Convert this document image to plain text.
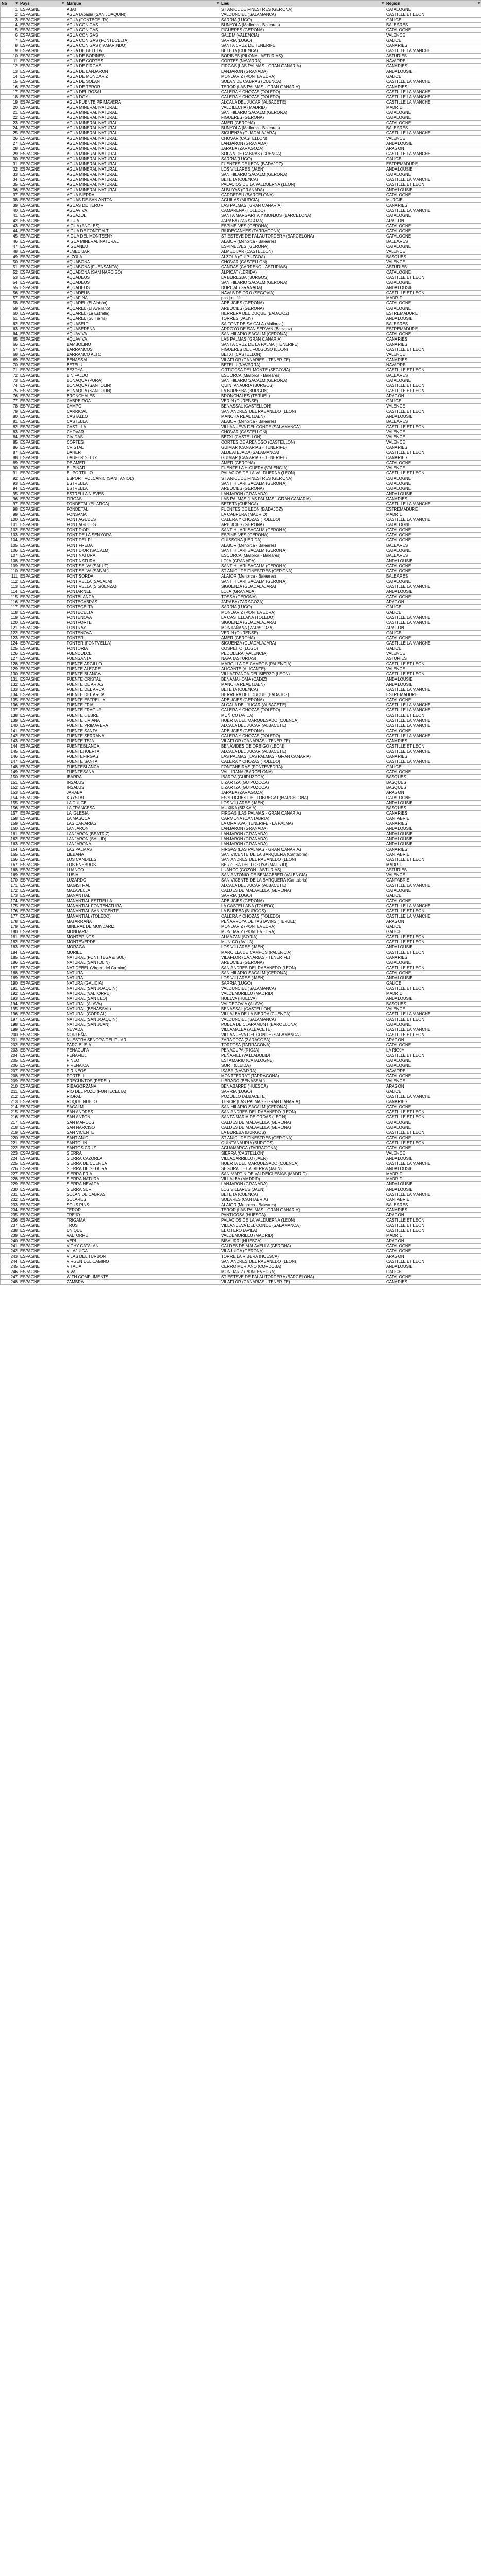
Nb ▾	Pays ▾	Marque ▾	Lieu ▾	Région ▾

1	ESPAGNE	ABAT	ST ANIOL DE FINESTRES (GERONA)	CATALOGNE
2	ESPAGNE	AGUA (Abadia (SAN JOAQUIN))	VALDUNCIEL (SALAMANCA)	CASTILLE ET LEON
3	ESPAGNE	AGUA (FONTECELTA)	SARRIA (LUGO)	GALICE
4	ESPAGNE	AGUA CON GAS	BUNYOLA (Mallorca - Baleares)	BALEARES
5	ESPAGNE	AGUA CON GAS	FIGUERES (GERONA)	CATALOGNE
6	ESPAGNE	AGUA CON GAS	SALEM (VALENCIA)	VALENCE
7	ESPAGNE	AGUA CON GAS (FONTECELTA)	SARRIA (LUGO)	GALICE
8	ESPAGNE	AGUA CON GAS (TAMARINDO)	SANTA CRUZ DE TENERIFE	CANARIES
9	ESPAGNE	AGUA DE BETETA	BETETA (CUENCA)	CASTILLE LA MANCHE
10	ESPAGNE	AGUA DE BORINES	BORINES (PILOÑA - ASTURIAS)	ASTURIES
11	ESPAGNE	AGUA DE CORTES	CORTES (NAVARRA)	NAVARRE
12	ESPAGNE	AGUA DE FIRGAS	FIRGAS (LAS PALMAS - GRAN CANARIA)	CANARIES
13	ESPAGNE	AGUA DE LANJARON	LANJARON (GRANADA)	ANDALOUSIE
14	ESPAGNE	AGUA DE MONDARIZ	MONDARIZ (PONTEVEDRA)	GALICE
15	ESPAGNE	AGUA DE SOLAN	SOLAN DE CABRAS (CUENCA)	CASTILLE LA MANCHE
16	ESPAGNE	AGUA DE TEROR	TEROR (LAS PALMAS - GRAN CANARIA)	CANARIES
17	ESPAGNE	AGUA DEL ROSAL	CALERA Y CHOZAS (TOLEDO)	CASTILLE LA MANCHE
18	ESPAGNE	AGUA DOY	CALERA Y CHOZAS (TOLEDO)	CASTILLE LA MANCHE
19	ESPAGNE	AGUA FUENTE PRIMAVERA	ALCALA DEL JUCAR (ALBACETE)	CASTILLE LA MANCHE
20	ESPAGNE	AGUA MINERAL NATURAL	VALDILECHA (MADRID)	MADRID
21	ESPAGNE	AGUA MINERAL NATURAL	SAN HILARIO SACALM (GERONA)	CATALOGNE
22	ESPAGNE	AGUA MINERAL NATURAL	FIGUERES (GERONA)	CATALOGNE
23	ESPAGNE	AGUA MINERAL NATURAL	AMER (GERONA)	CATALOGNE
24	ESPAGNE	AGUA MINERAL NATURAL	BUNYOLA (Mallorca - Baleares)	BALEARES
25	ESPAGNE	AGUA MINERAL NATURAL	SIGÜENZA (GUADALAJARA)	CASTILLE LA MANCHE
26	ESPAGNE	AGUA MINERAL NATURAL	CHOVAR (CASTELLON)	VALENCE
27	ESPAGNE	AGUA MINERAL NATURAL	LANJARON (GRANADA)	ANDALOUSIE
28	ESPAGNE	AGUA MINERAL NATURAL	JARABA (ZARAGOZA)	ARAGON
29	ESPAGNE	AGUA MINERAL NATURAL	SOLAN DE CABRAS (CUENCA)	CASTILLE LA MANCHE
30	ESPAGNE	AGUA MINERAL NATURAL	SARRIA (LUGO)	GALICE
31	ESPAGNE	AGUA MINERAL NATURAL	FUENTES DE LEON (BADAJOZ)	ESTREMADURE
32	ESPAGNE	AGUA MINERAL NATURAL	LOS VILLARES (JAEN)	ANDALOUSIE
33	ESPAGNE	AGUA MINERAL NATURAL	SAN HILARIO SACALM (GERONA)	CATALOGNE
34	ESPAGNE	AGUA MINERAL NATURAL	BETETA (CUENCA)	CASTILLE LA MANCHE
35	ESPAGNE	AGUA MINERAL NATURAL	PALACIOS DE LA VALDUERNA (LEON)	CASTILLE ET LEON
36	ESPAGNE	AGUA MINERAL NATURAL	ALBUYAS (GRANADA)	ANDALOUSIE
37	ESPAGNE	AGUA SIERRA	CARDEDEU (BARCELONA)	CATALOGNE
38	ESPAGNE	AGUAS DE SAN ANTON	AGUILAS (MURCIA)	MURCIE
39	ESPAGNE	AGUAS DE TEROR	LAS PALMAS (GRAN CANARIA)	CANARIES
40	ESPAGNE	AGUAVIVA	CAMARENA (TOLEDO)	CASTILLE LA MANCHE
41	ESPAGNE	AGUAZUL	SANTA MARGARITA Y MONJOS (BARCELONA)	CATALOGNE
42	ESPAGNE	AIGUA	JARABA (ZARAGOZA)	ARAGON
43	ESPAGNE	AIGUA (ANGLES)	ESPINELVES (GERONA)	CATALOGNE
44	ESPAGNE	AIGUA DE FONTDALT	RIUDECANYES (TARRAGONA)	CATALOGNE
45	ESPAGNE	AIGUA DEL MONTSENY	ST ESTEVE DE PALAUTORDERA (BARCELONA)	CATALOGNE
46	ESPAGNE	AIGUA MINERAL NATURAL	ALAIOR (Menorca - Baleares)	BALEARES
47	ESPAGNE	AIGUANEU	ESPINELVES (GERONA)	CATALOGNE
48	ESPAGNE	ALMEDIJAR	ALMEDIJAR (CASTELLON)	VALENCE
49	ESPAGNE	ALZOLA	ALZOLA (GUIPUZCOA)	BASQUES
50	ESPAGNE	AQUABONA	CHOVAR (CASTELLON)	VALENCE
51	ESPAGNE	AQUABONA (FUENSANTA)	CANDAS (CARREÑO - ASTURIAS)	ASTURIES
52	ESPAGNE	AQUABONA (SAN NARCISO)	ALPICAT (LERIDA)	CATALOGNE
53	ESPAGNE	AQUADEUS	LA BURESBA (BURGOS)	CASTILLE ET LEON
54	ESPAGNE	AQUADEUS	SAN HILARIO SACALM (GERONA)	CATALOGNE
55	ESPAGNE	AQUADEUS	DURCAL (GRANADA)	ANDALOUSIE
56	ESPAGNE	AQUADEUS	NAVAS DE ORO (SEGOVIA)	CASTILLE ET LEON
57	ESPAGNE	AQUAFINA	pas justifié	MADRID
58	ESPAGNE	AQUAREL (El Alabón)	ARBUCIES (GERONA)	CATALOGNE
59	ESPAGNE	AQUAREL (El Avellano)	ARBUCIES (GERONA)	CATALOGNE
60	ESPAGNE	AQUAREL (La Estrella)	HERRERA DEL DUQUE (BADAJOZ)	ESTREMADURE
61	ESPAGNE	AQUAREL (Su Tierra)	TORRES (JAEN)	ANDALOUSIE
62	ESPAGNE	AQUASELT	SA FONT DE SA CALA (Mallorca)	BALEARES
63	ESPAGNE	AQUASERENA	ARROYO DE SAN SERVAN (Badajoz)	ESTREMADURE
64	ESPAGNE	AQUAVIVA	SAN HILARIO SACALM (GERONA)	CATALOGNE
65	ESPAGNE	AQUAVIVA	LAS PALMAS (GRAN CANARIA)	CANARIES
66	ESPAGNE	BAMBOLINO	SANTA CRUZ DE LA PALMA (TENERIFE)	CANARIES
67	ESPAGNE	BARRANCOS	FIGUERES DEL FOLGOSO (LEON)	CASTILLE ET LEON
68	ESPAGNE	BARRANCO ALTO	BETXI (CASTELLON)	VALENCE
69	ESPAGNE	BENASSAL	VILAFLOR (CANARIES - TENERIFE)	CANARIES
70	ESPAGNE	BETELU	BETELU (NAVARRA)	NAVARRE
71	ESPAGNE	BEZOYA	ORTIGOSA DEL MONTE (SEGOVIA)	CASTILLE ET LEON
72	ESPAGNE	BINIFALDO	ESCORCA (Mallorca - Baleares)	BALEARES
73	ESPAGNE	BONAQUA (PURA)	SAN HILARIO SACALM (GERONA)	CATALOGNE
74	ESPAGNE	BONAQUA (SANTOLIN)	QUINTANAURIA (BURGOS)	CASTILLE ET LEON
75	ESPAGNE	BONAQUA (SANTOLIN)	LA BURESBA (BURGOS)	CASTILLE ET LEON
76	ESPAGNE	BRONCHALES	BRONCHALES (TERUEL)	ARAGON
77	ESPAGNE	CABREIROA	VERIN (OURENSE)	GALICE
78	ESPAGNE	CAMPO	BENASSAL (CASTELLON)	VALENCE
79	ESPAGNE	CARRICAL	SAN ANDRES DEL RABANEDO (LEON)	CASTILLE ET LEON
80	ESPAGNE	CASTALLO	MANCHA REAL (JAEN)	ANDALOUSIE
81	ESPAGNE	CASTELLA	ALAIOR (Menorca - Baleares)	BALEARES
82	ESPAGNE	CASTILLA	VILLANUEVA DEL CONDE (SALAMANCA)	CASTILLE ET LEON
83	ESPAGNE	CHOVAR	CHOVAR (CASTELLON)	VALENCE
84	ESPAGNE	CIVIDAS	BETXI (CASTELLON)	VALENCE
85	ESPAGNE	CORTES	CORTES DE ARENOSO (CASTELLON)	VALENCE
86	ESPAGNE	CRISTAL	GUIMAR (CANARIAS - TENERIFE)	CANARIES
87	ESPAGNE	DAHER	ALDEATEJADA (SALAMANCA)	CASTILLE ET LEON
88	ESPAGNE	DAUFER SELTZ	GUIMAR (CANARIAS - TENERIFE)	CANARIES
89	ESPAGNE	DE AMER	AMER (GERONA)	CATALOGNE
90	ESPAGNE	EL PINAR	FUENTE LA HIGUERA (VALENCIA)	VALENCE
91	ESPAGNE	EL PORTILLO	PALACIOS DE LA VALDUERNA (LEON)	CASTILLE ET LEON
92	ESPAGNE	ESPORT VOLCANIC (SANT ANIOL)	ST ANIOL DE FINESTRES (GERONA)	CATALOGNE
93	ESPAGNE	ESTRELLA	SANT HILARI SACALM (GERONA)	CATALOGNE
94	ESPAGNE	ESTRELLA	ARBUCIES (GERONA)	CATALOGNE
95	ESPAGNE	ESTRELLA NIEVES	LANJARON (GRANADA)	ANDALOUSIE
96	ESPAGNE	FIRGAS	LAS PALMAS (LAS PALMAS - GRAN CANARIA)	CANARIES
97	ESPAGNE	FONDETAL (EL ARCA)	BETETA (CUENCA)	CASTILLE LA MANCHE
98	ESPAGNE	FONDETAL	FUENTES DE LEON (BADAJOZ)	ESTREMADURE
99	ESPAGNE	FONSANA	LA CABRERA (MADRID)	MADRID
100	ESPAGNE	FONT AGUDES	CALERA Y CHOZAS (TOLEDO)	CASTILLE LA MANCHE
101	ESPAGNE	FONT AGUDES	ARBUCIES (GERONA)	CATALOGNE
102	ESPAGNE	FONT D'OR	SANT HILARI SACALM (GERONA)	CATALOGNE
103	ESPAGNE	FONT DE LA SENYORA	ESPINELVES (GERONA)	CATALOGNE
104	ESPAGNE	FONT DEL PI	GUISSONA (LERIDA)	CATALOGNE
105	ESPAGNE	FONT FREDA	ALAIOR (Menorca - Baleares)	BALEARES
106	ESPAGNE	FONT D'OR (SACALM)	SANT HILARI SACALM (GERONA)	CATALOGNE
107	ESPAGNE	FONT NATURA	ESCORCA (Mallorca - Baleares)	BALEARES
108	ESPAGNE	FONT NATURA	LOJA (GRANADA)	ANDALOUSIE
109	ESPAGNE	FONT SELVA (SALUT)	SANT HILARI SACALM (GERONA)	CATALOGNE
110	ESPAGNE	FONT SELVA (SANAL)	ST ANIOL DE FINESTRES (GERONA)	CATALOGNE
111	ESPAGNE	FONT SORDA	ALAIOR (Menorca - Baleares)	BALEARES
112	ESPAGNE	FONT VELLA (SACALM)	SANT HILARI SACALM (GERONA)	CATALOGNE
113	ESPAGNE	FONT VELLA (SIGÜENZA)	SIGÜENZA (GUADALAJARA)	CASTILLE LA MANCHE
114	ESPAGNE	FONTARNEL	LOJA (GRANADA)	ANDALOUSIE
115	ESPAGNE	FONTBLANCA	TOSSA (GERONA)	CATALOGNE
116	ESPAGNE	FONTECABRAS	JARABA (ZARAGOZA)	ARAGON
117	ESPAGNE	FONTECELTA	SARRIA (LUGO)	GALICE
118	ESPAGNE	FONTECELTA	MONDARIZ (PONTEVEDRA)	GALICE
119	ESPAGNE	FONTENOVA	LA CASTELLANA (TOLEDO)	CASTILLE LA MANCHE
120	ESPAGNE	FONTFORTE	SIGÜENZA (GUADALAJARA)	CASTILLE LA MANCHE
121	ESPAGNE	FONTRAY	MONTAÑANA (ZARAGOZA)	ARAGON
122	ESPAGNE	FONTENOVA	VERIN (OURENSE)	GALICE
123	ESPAGNE	FONTER	AMER (GERONA)	CATALOGNE
124	ESPAGNE	FONTER (FONTVELLA)	SIGÜENZA (GUADALAJARA)	CASTILLE LA MANCHE
125	ESPAGNE	FONTORIA	COSPEITO (LUGO)	GALICE
126	ESPAGNE	FUENDULCE	PEDOLERA (VALENCIA)	VALENCE
127	ESPAGNE	FUENSANTA	NAVA (ASTURIAS)	ASTURIES
128	ESPAGNE	FUENTE ARGILLO	MARCILLA DE CAMPOS (PALENCIA)	CASTILLE ET LEON
129	ESPAGNE	FUENTE ALEGRE	ALICANTE (ALICANTE)	VALENCE
130	ESPAGNE	FUENTE BLANCA	VILLAFRANCA DEL BIERZO (LEON)	CASTILLE ET LEON
131	ESPAGNE	FUENTE CRISTAL	BENAMAHOMA (CADIZ)	ANDALOUSIE
132	ESPAGNE	FUENTE DE ARIAS	MANCHA REAL (JAEN)	ANDALOUSIE
133	ESPAGNE	FUENTE DEL ARCA	BETETA (CUENCA)	CASTILLE LA MANCHE
134	ESPAGNE	FUENTE DEL ARCA	HERRERA DEL DUQUE (BADAJOZ)	ESTREMADURE
135	ESPAGNE	FUENTE ESTRELLA	ARBUCIES (GERONA)	CATALOGNE
136	ESPAGNE	FUENTE FRIA	ALCALA DEL JUCAR (ALBACETE)	CASTILLE LA MANCHE
137	ESPAGNE	FUENTE FRAGUA	CALERA Y CHOZAS (TOLEDO)	CASTILLE LA MANCHE
138	ESPAGNE	FUENTE LIEBRE	MUÑICO (AVILA)	CASTILLE ET LEON
139	ESPAGNE	FUENTE LIVIANA	HUERTA DEL MARQUESADO (CUENCA)	CASTILLE LA MANCHE
140	ESPAGNE	FUENTE PRIMAVERA	ALCALA DEL JUCAR (ALBACETE)	CASTILLE LA MANCHE
141	ESPAGNE	FUENTE SANTA	ARBUCIES (GERONA)	CATALOGNE
142	ESPAGNE	FUENTE SERRANA	CALERA Y CHOZAS (TOLEDO)	CASTILLE LA MANCHE
143	ESPAGNE	FUENTE TEJA	VILAFLOR (CANARIAS - TENERIFE)	CANARIES
144	ESPAGNE	FUENTEBLANCA	BENAVIDES DE ORBIGO (LEON)	CASTILLE ET LEON
145	ESPAGNE	FUENTEHUERTA	ALCALA DEL JUCAR (ALBACETE)	CASTILLE LA MANCHE
146	ESPAGNE	FUENTEFIRGAS	LAS PALMAS (LAS PALMAS - GRAN CANARIA)	CANARIES
147	ESPAGNE	FUENTE SANTA	CALERA Y CHOZAS (TOLEDO)	CASTILLE LA MANCHE
148	ESPAGNE	FUENTEBLANCA	FONTANEIRAS (PONTEVEDRA)	GALICE
149	ESPAGNE	FUENTESANA	VALLIRANA (BARCELONA)	CATALOGNE
150	ESPAGNE	IBARRA	IBARRA (GUIPUZCOA)	BASQUES
151	ESPAGNE	INSALUS	LIZARTZA (GUIPUZCOA)	BASQUES
152	ESPAGNE	INSALUS	LIZARTZA (GUIPUZCOA)	BASQUES
153	ESPAGNE	JARABA	JARABA (ZARAGOZA)	ARAGON
154	ESPAGNE	KRYSTAL	ESPLUGUES DE LLOBREGAT (BARCELONA)	CATALOGNE
155	ESPAGNE	LA DULCE	LOS VILLARES (JAEN)	ANDALOUSIE
156	ESPAGNE	LA FRANCESA	MUXIKA (BIZKAIA)	BASQUES
157	ESPAGNE	LA IGLESIA	FIRGAS (LAS PALMAS - GRAN CANARIA)	CANARIES
158	ESPAGNE	LA MASUCA	CARMONA (CANTABRIA)	CANTABRIE
159	ESPAGNE	LAS CANARIAS	LA ORATAVA (TENERIFE - LA PALMA)	CANARIES
160	ESPAGNE	LANJARON	LANJARON (GRANADA)	ANDALOUSIE
161	ESPAGNE	LANJARON (BEATRIZ)	LANJARON (GRANADA)	ANDALOUSIE
162	ESPAGNE	LANJARON (SALUD)	LANJARON (GRANADA)	ANDALOUSIE
163	ESPAGNE	LANJARONA	LANJARON (GRANADA)	ANDALOUSIE
164	ESPAGNE	LAS PALMAS	FIRGAS (LAS PALMAS - GRAN CANARIA)	CANARIES
165	ESPAGNE	LIEBANA	SAN VICENTE DE LA BARQUERA (Cantabria)	CANTABRIE
166	ESPAGNE	LOS CANDILES	SAN ANDRES DEL RABANEDO (LEON)	CASTILLE ET LEON
167	ESPAGNE	LOS ENEBROS	BERZOSA DEL LOZOYA (MADRID)	MADRID
168	ESPAGNE	LUANCO	LUANCO (GOZON - ASTURIAS)	ASTURIES
169	ESPAGNE	LUSIA	SAN ANTONIO DE BENAGEBER (VALENCIA)	VALENCE
170	ESPAGNE	LUZARDO	SAN VICENTE DE LA BARQUERA (Cantabria)	CANTABRIE
171	ESPAGNE	MAGISTRAL	ALCALA DEL JUCAR (ALBACETE)	CASTILLE LA MANCHE
172	ESPAGNE	MALAVELLA	CALDES DE MALAVELLA (GERONA)	CATALOGNE
173	ESPAGNE	MANANTIAL	SARRIA (LUGO)	GALICE
174	ESPAGNE	MANANTIAL ESTRELLA	ARBUCIES (GERONA)	CATALOGNE
175	ESPAGNE	MANANTIAL FONTENATURA	LA CASTELLANA (TOLEDO)	CASTILLE LA MANCHE
176	ESPAGNE	MANANTIAL SAN VICENTE	LA BUREBA (BURGOS)	CASTILLE ET LEON
177	ESPAGNE	MANANTIAL (TOLEDO)	CALERA Y CHOZAS (TOLEDO)	CASTILLE LA MANCHE
178	ESPAGNE	MATARRAÑA	PEÑARROYA DE TASTAVINS (TERUEL)	ARAGON
179	ESPAGNE	MINERAL DE MONDARIZ	MONDARIZ (PONTEVEDRA)	GALICE
180	ESPAGNE	MONDARIZ	MONDARIZ (PONTEVEDRA)	GALICE
181	ESPAGNE	MONTEPINOS	ALMAZAN (SORIA)	CASTILLE ET LEON
182	ESPAGNE	MONTEVERDE	MUÑICO (AVILA)	CASTILLE ET LEON
183	ESPAGNE	MORAGA	LOS VILLARES (JAEN)	ANDALOUSIE
184	ESPAGNE	MURIEL	MARCILLA DE CAMPOS (PALENCIA)	CASTILLE ET LEON
185	ESPAGNE	NATURAL (FONT TEGA & SOL)	VILAFLOR (CANARIAS - TENERIFE)	CANARIES
186	ESPAGNE	NATURAL (SANTOLIN)	ARBUCIES (GERONA)	CATALOGNE
187	ESPAGNE	NAT DEBEL (Virgen del Camino)	SAN ANDRES DEL RABANEDO (LEON)	CASTILLE ET LEON
188	ESPAGNE	NATURA	SAN HILARIO SACALM (GERONA)	CATALOGNE
189	ESPAGNE	NATURA	LOS VILLARES (JAEN)	ANDALOUSIE
190	ESPAGNE	NATURA (GALICIA)	SARRIA (LUGO)	GALICE
191	ESPAGNE	NATURAL (SAN JOAQUIN)	VALDUNCIEL (SALAMANCA)	CASTILLE ET LEON
192	ESPAGNE	NATURAL (VALTORRE)	VALDEMORILLO (MADRID)	MADRID
193	ESPAGNE	NATURAL (SAN LEO)	HUELVA (HUELVA)	ANDALOUSIE
194	ESPAGNE	NATURAL (ALAVA)	VALDEGOVIA (ALAVA)	BASQUES
195	ESPAGNE	NATURAL (BENASSAL)	BENASSAL (CASTELLON)	VALENCE
196	ESPAGNE	NATURAL (CORRAL)	VILLALBA DE LA SIERRA (CUENCA)	CASTILLE LA MANCHE
197	ESPAGNE	NATURAL (SAN JOAQUIN)	VALDUNCIEL (SALAMANCA)	CASTILLE ET LEON
198	ESPAGNE	NATURAL (SAN JUAN)	POBLA DE CLARAMUNT (BARCELONA)	CATALOGNE
199	ESPAGNE	NEVADA	VILLAMALEA (ALBACETE)	CASTILLE LA MANCHE
200	ESPAGNE	NORTEÑA	VILLANUEVA DEL CONDE (SALAMANCA)	CASTILLE ET LEON
201	ESPAGNE	NUESTRA SEÑORA DEL PILAR	ZARAGOZA (ZARAGOZA)	ARAGON
202	ESPAGNE	PARC BUSIA	TORTOSA (TARRAGONA)	CATALOGNE
203	ESPAGNE	PENACUPA	PENACUPA (RIOJA)	LA RIOJA
204	ESPAGNE	PEÑAFIEL	PEÑAFIEL (VALLADOLID)	CASTILLE ET LEON
205	ESPAGNE	PINEO	ESTAMARIU (CATALOGNE)	CATALOGNE
206	ESPAGNE	PIRENAICA	SORT (LLEIDA)	CATALOGNE
207	ESPAGNE	PIRINEOS	ISABA (NAVARRA)	NAVARRE
208	ESPAGNE	PORTELL	MONTFERRAT (TARRAGONA)	CATALOGNE
209	ESPAGNE	PREGUNTOS (PEREL)	LIBRADO (BENASSAL)	VALENCE
210	ESPAGNE	RIBAGORZANA	BENABARRE (HUESCA)	ARAGON
211	ESPAGNE	RIO DEL POZO (FONTECELTA)	SARRIA (LUGO)	GALICE
212	ESPAGNE	RIOPAL	POZUELO (ALBACETE)	CASTILLE LA MANCHE
213	ESPAGNE	ROQUE NUBLO	TEROR (LAS PALMAS - GRAN CANARIA)	CANARIES
214	ESPAGNE	SACALM	SAN HILARIO SACALM (GERONA)	CATALOGNE
215	ESPAGNE	SAN ANDRES	SAN ANDRES DEL RABANEDO (LEON)	CASTILLE ET LEON
216	ESPAGNE	SAN ANTON	SANTA MARIA DE ORDAS (LEON)	CASTILLE ET LEON
217	ESPAGNE	SAN MARCOS	CALDES DE MALAVELLA (GERONA)	CATALOGNE
218	ESPAGNE	SAN NARCISO	CALDES DE MALAVELLA (GERONA)	CATALOGNE
219	ESPAGNE	SAN VICENTE	LA BUREBA (BURGOS)	CASTILLE ET LEON
220	ESPAGNE	SANT ANIOL	ST ANIOL DE FINESTRES (GERONA)	CATALOGNE
221	ESPAGNE	SANTOLIN	QUINTANAURIA (BURGOS)	CASTILLE ET LEON
222	ESPAGNE	SANTOS CRUZ	AGUAMARGA (TARRAGONA)	CATALOGNE
223	ESPAGNE	SIERRA	SIERRA (CASTELLON)	VALENCE
224	ESPAGNE	SIERRA CAZORLA	VILLACARRILLO (JAEN)	ANDALOUSIE
225	ESPAGNE	SIERRA DE CUENCA	HUERTA DEL MARQUESADO (CUENCA)	CASTILLE LA MANCHE
226	ESPAGNE	SIERRA DE SEGURA	SEGURA DE LA SIERRA (JAEN)	ANDALOUSIE
227	ESPAGNE	SIERRA FRIA	SAN MARTIN DE VALDEIGLESIAS (MADRID)	MADRID
228	ESPAGNE	SIERRA NATURA	VILLALBA (MADRID)	MADRID
229	ESPAGNE	SIERRA NEVADA	LANJARON (GRANADA)	ANDALOUSIE
230	ESPAGNE	SIERRA SUR	LOS VILLARES (JAEN)	ANDALOUSIE
231	ESPAGNE	SOLAN DE CABRAS	BETETA (CUENCA)	CASTILLE LA MANCHE
232	ESPAGNE	SOLARES	SOLARES (CANTABRIA)	CANTABRIE
233	ESPAGNE	SOUS PINS	ALAIOR (Menorca - Baleares)	BALEARES
234	ESPAGNE	TEROR	TEROR (LAS PALMAS - GRAN CANARIA)	CANARIES
235	ESPAGNE	TREJO	PANTICOSA (HUESCA)	ARAGON
236	ESPAGNE	TRIGAMA	PALACIOS DE LA VALDUERNA (LEON)	CASTILLE ET LEON
237	ESPAGNE	TRUS	VILLANUEVA DEL CONDE (SALAMANCA)	CASTILLE ET LEON
238	ESPAGNE	UNIQUE	EL OTERO (AVILA)	CASTILLE ET LEON
239	ESPAGNE	VALTORRE	VALDEMORILLO (MADRID)	MADRID
240	ESPAGNE	VERI	BISAURRI (HUESCA)	ARAGON
241	ESPAGNE	VICHY CATALAN	CALDES DE MALAVELLA (GERONA)	CATALOGNE
242	ESPAGNE	VILAJUIGA	VILAJUIGA (GERONA)	CATALOGNE
243	ESPAGNE	VILAS DEL TURBON	TORRE LA RIBERA (HUESCA)	ARAGON
244	ESPAGNE	VIRGEN DEL CAMINO	SAN ANDRES DEL RABANEDO (LEON)	CASTILLE ET LEON
245	ESPAGNE	VITALIA	CERRO MURIANO (CORDOBA)	ANDALOUSIE
246	ESPAGNE	VIVA	MONDARIZ (PONTEVEDRA)	GALICE
247	ESPAGNE	WITH COMPLIMENTS	ST ESTEVE DE PALAUTORDERA (BARCELONA)	CATALOGNE
248	ESPAGNE	ZAMBRA	VILAFLOR (CANARIAS - TENERIFE)	CANARIES
